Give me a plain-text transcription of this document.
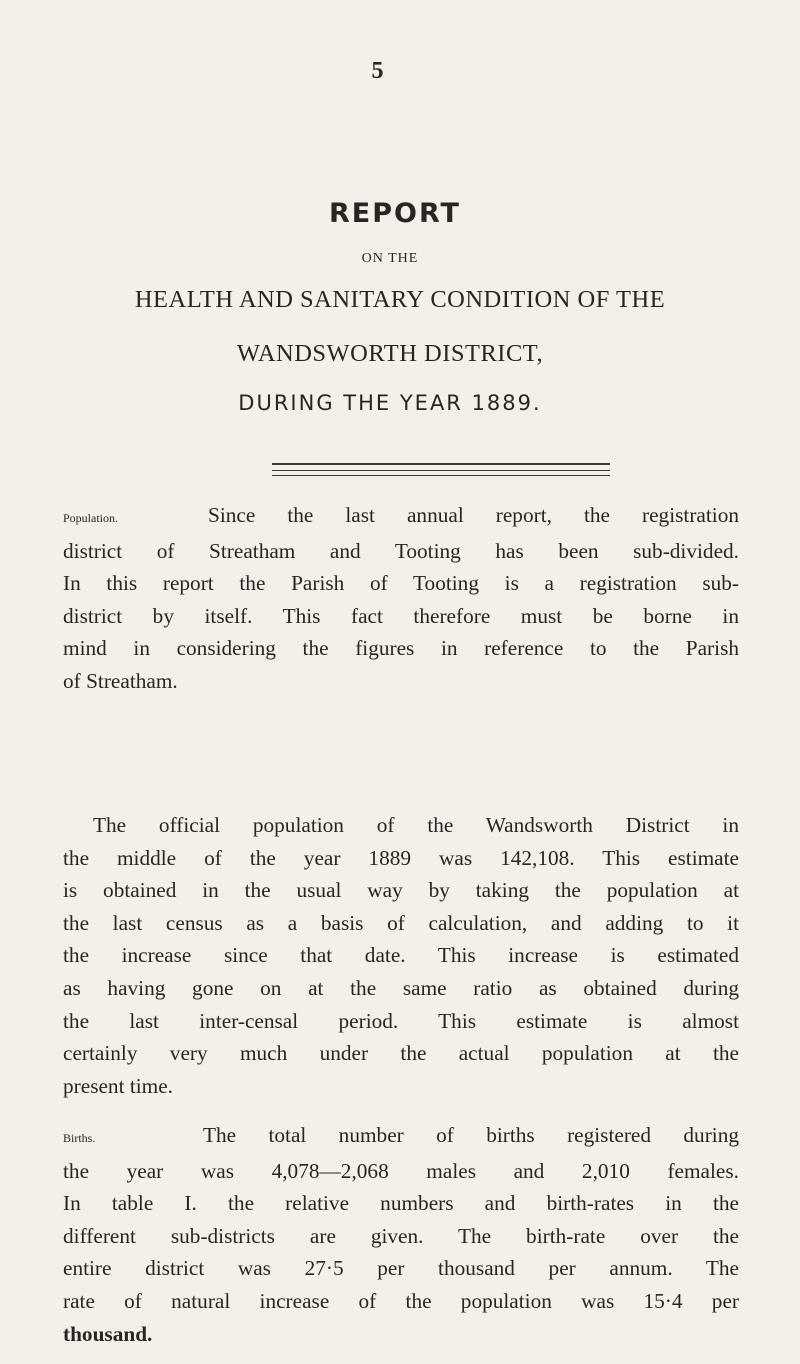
5
REPORT
ON THE
HEALTH AND SANITARY CONDITION OF THE
WANDSWORTH DISTRICT,
DURING THE YEAR 1889.
Population.	Since the last annual report, the registration
district of Streatham and Tooting has been sub-divided.
In this report the Parish of Tooting is a registration sub-
district by itself. This fact therefore must be borne in
mind in considering the figures in reference to the Parish
of Streatham.
The official population of the Wandsworth District in
the middle of the year 1889 was 142,108. This estimate
is obtained in the usual way by taking the population at
the last census as a basis of calculation, and adding to it
the increase since that date. This increase is estimated
as having gone on at the same ratio as obtained during
the last inter-censal period. This estimate is almost
certainly very much under the actual population at the
present time.
Births.	The total number of births registered during
the year was 4,078—2,068 males and 2,010 females.
In table I. the relative numbers and birth-rates in the
different sub-districts are given. The birth-rate over the
entire district was 27·5 per thousand per annum. The
rate of natural increase of the population was 15·4 per
thousand.
